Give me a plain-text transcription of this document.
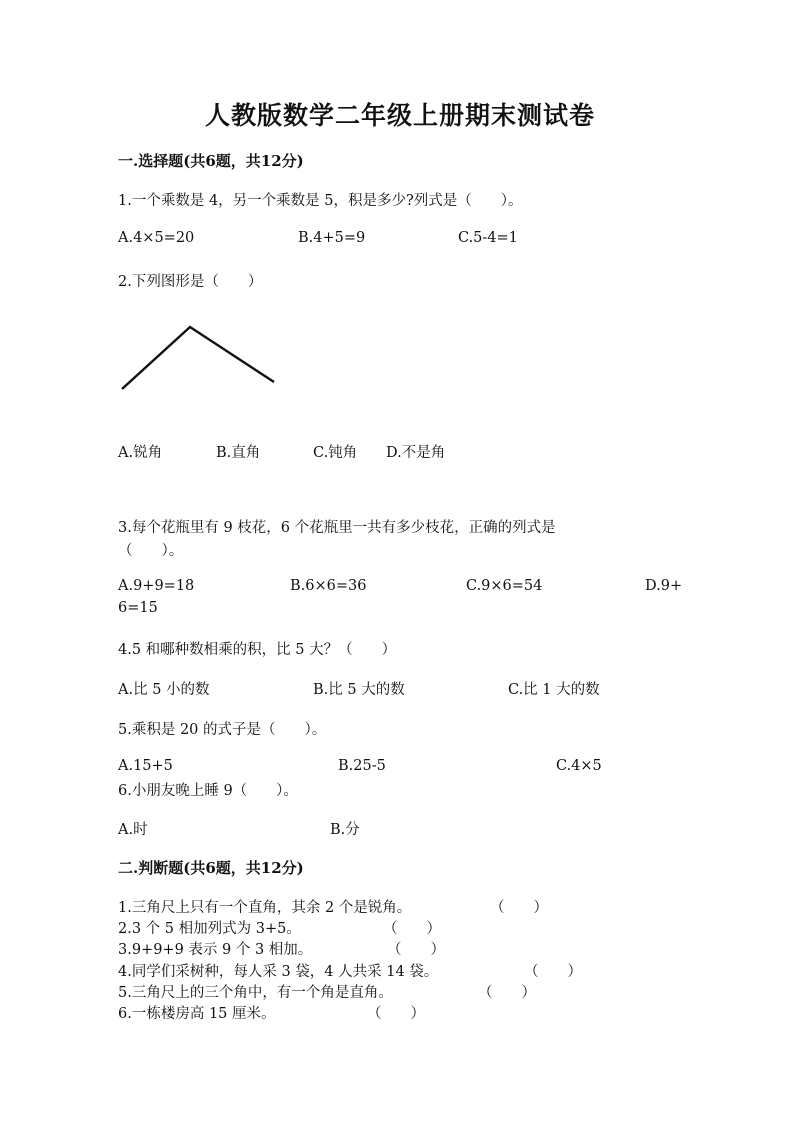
人教版数学二年级上册期末测试卷
一.选择题(共6题，共12分)
1.一个乘数是 4，另一个乘数是 5，积是多少?列式是（　　）。
A.4×5=20	B.4+5=9	C.5-4=1
2.下列图形是（　　）
A.锐角	B.直角	C.钝角 D.不是角
3.每个花瓶里有 9 枝花，6 个花瓶里一共有多少枝花，正确的列式是
（　　）。
A.9+9=18	B.6×6=36	C.9×6=54	D.9+
6=15
4.5 和哪种数相乘的积，比 5 大？（　　）
A.比 5 小的数	B.比 5 大的数	C.比 1 大的数
5.乘积是 20 的式子是（　　）。
A.15+5	B.25-5	C.4×5
6.小朋友晚上睡 9（　　）。
A.时	B.分
二.判断题(共6题，共12分)
1.三角尺上只有一个直角，其余 2 个是锐角。	（　　）
2.3 个 5 相加列式为 3+5。	（　　）
3.9+9+9 表示 9 个 3 相加。	（　　）
4.同学们采树种，每人采 3 袋，4 人共采 14 袋。	（　　）
5.三角尺上的三个角中，有一个角是直角。	（　　）
6.一栋楼房高 15 厘米。	（　　）
